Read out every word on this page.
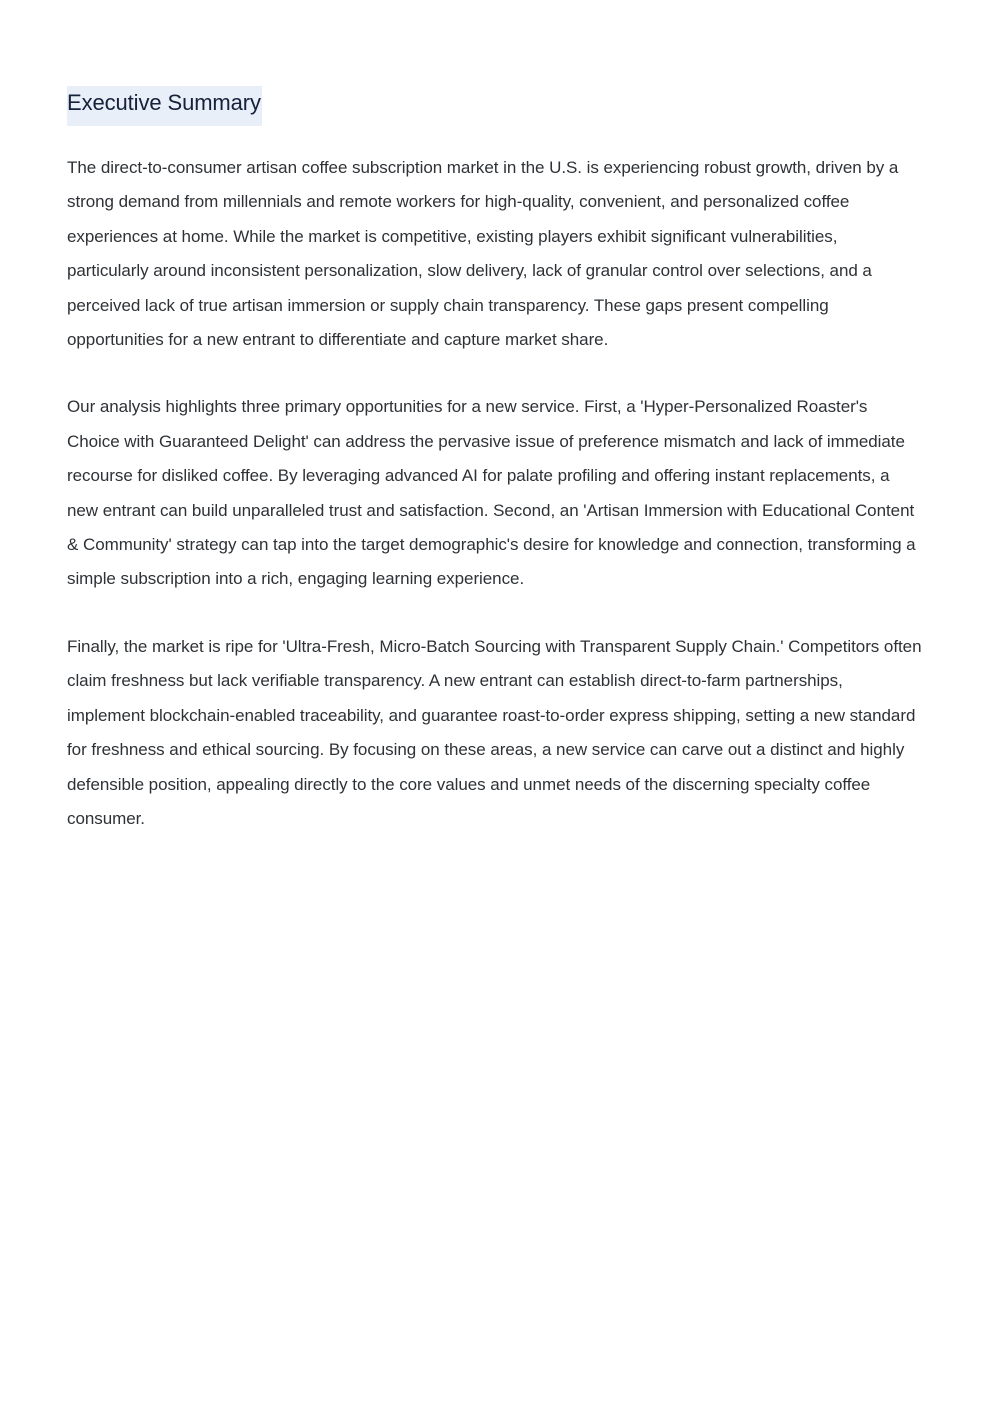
Executive Summary

The direct-to-consumer artisan coffee subscription market in the U.S. is experiencing robust growth, driven by a strong demand from millennials and remote workers for high-quality, convenient, and personalized coffee experiences at home. While the market is competitive, existing players exhibit significant vulnerabilities, particularly around inconsistent personalization, slow delivery, lack of granular control over selections, and a perceived lack of true artisan immersion or supply chain transparency. These gaps present compelling opportunities for a new entrant to differentiate and capture market share.

Our analysis highlights three primary opportunities for a new service. First, a 'Hyper-Personalized Roaster's Choice with Guaranteed Delight' can address the pervasive issue of preference mismatch and lack of immediate recourse for disliked coffee. By leveraging advanced AI for palate profiling and offering instant replacements, a new entrant can build unparalleled trust and satisfaction. Second, an 'Artisan Immersion with Educational Content & Community' strategy can tap into the target demographic's desire for knowledge and connection, transforming a simple subscription into a rich, engaging learning experience.

Finally, the market is ripe for 'Ultra-Fresh, Micro-Batch Sourcing with Transparent Supply Chain.' Competitors often claim freshness but lack verifiable transparency. A new entrant can establish direct-to-farm partnerships, implement blockchain-enabled traceability, and guarantee roast-to-order express shipping, setting a new standard for freshness and ethical sourcing. By focusing on these areas, a new service can carve out a distinct and highly defensible position, appealing directly to the core values and unmet needs of the discerning specialty coffee consumer.
